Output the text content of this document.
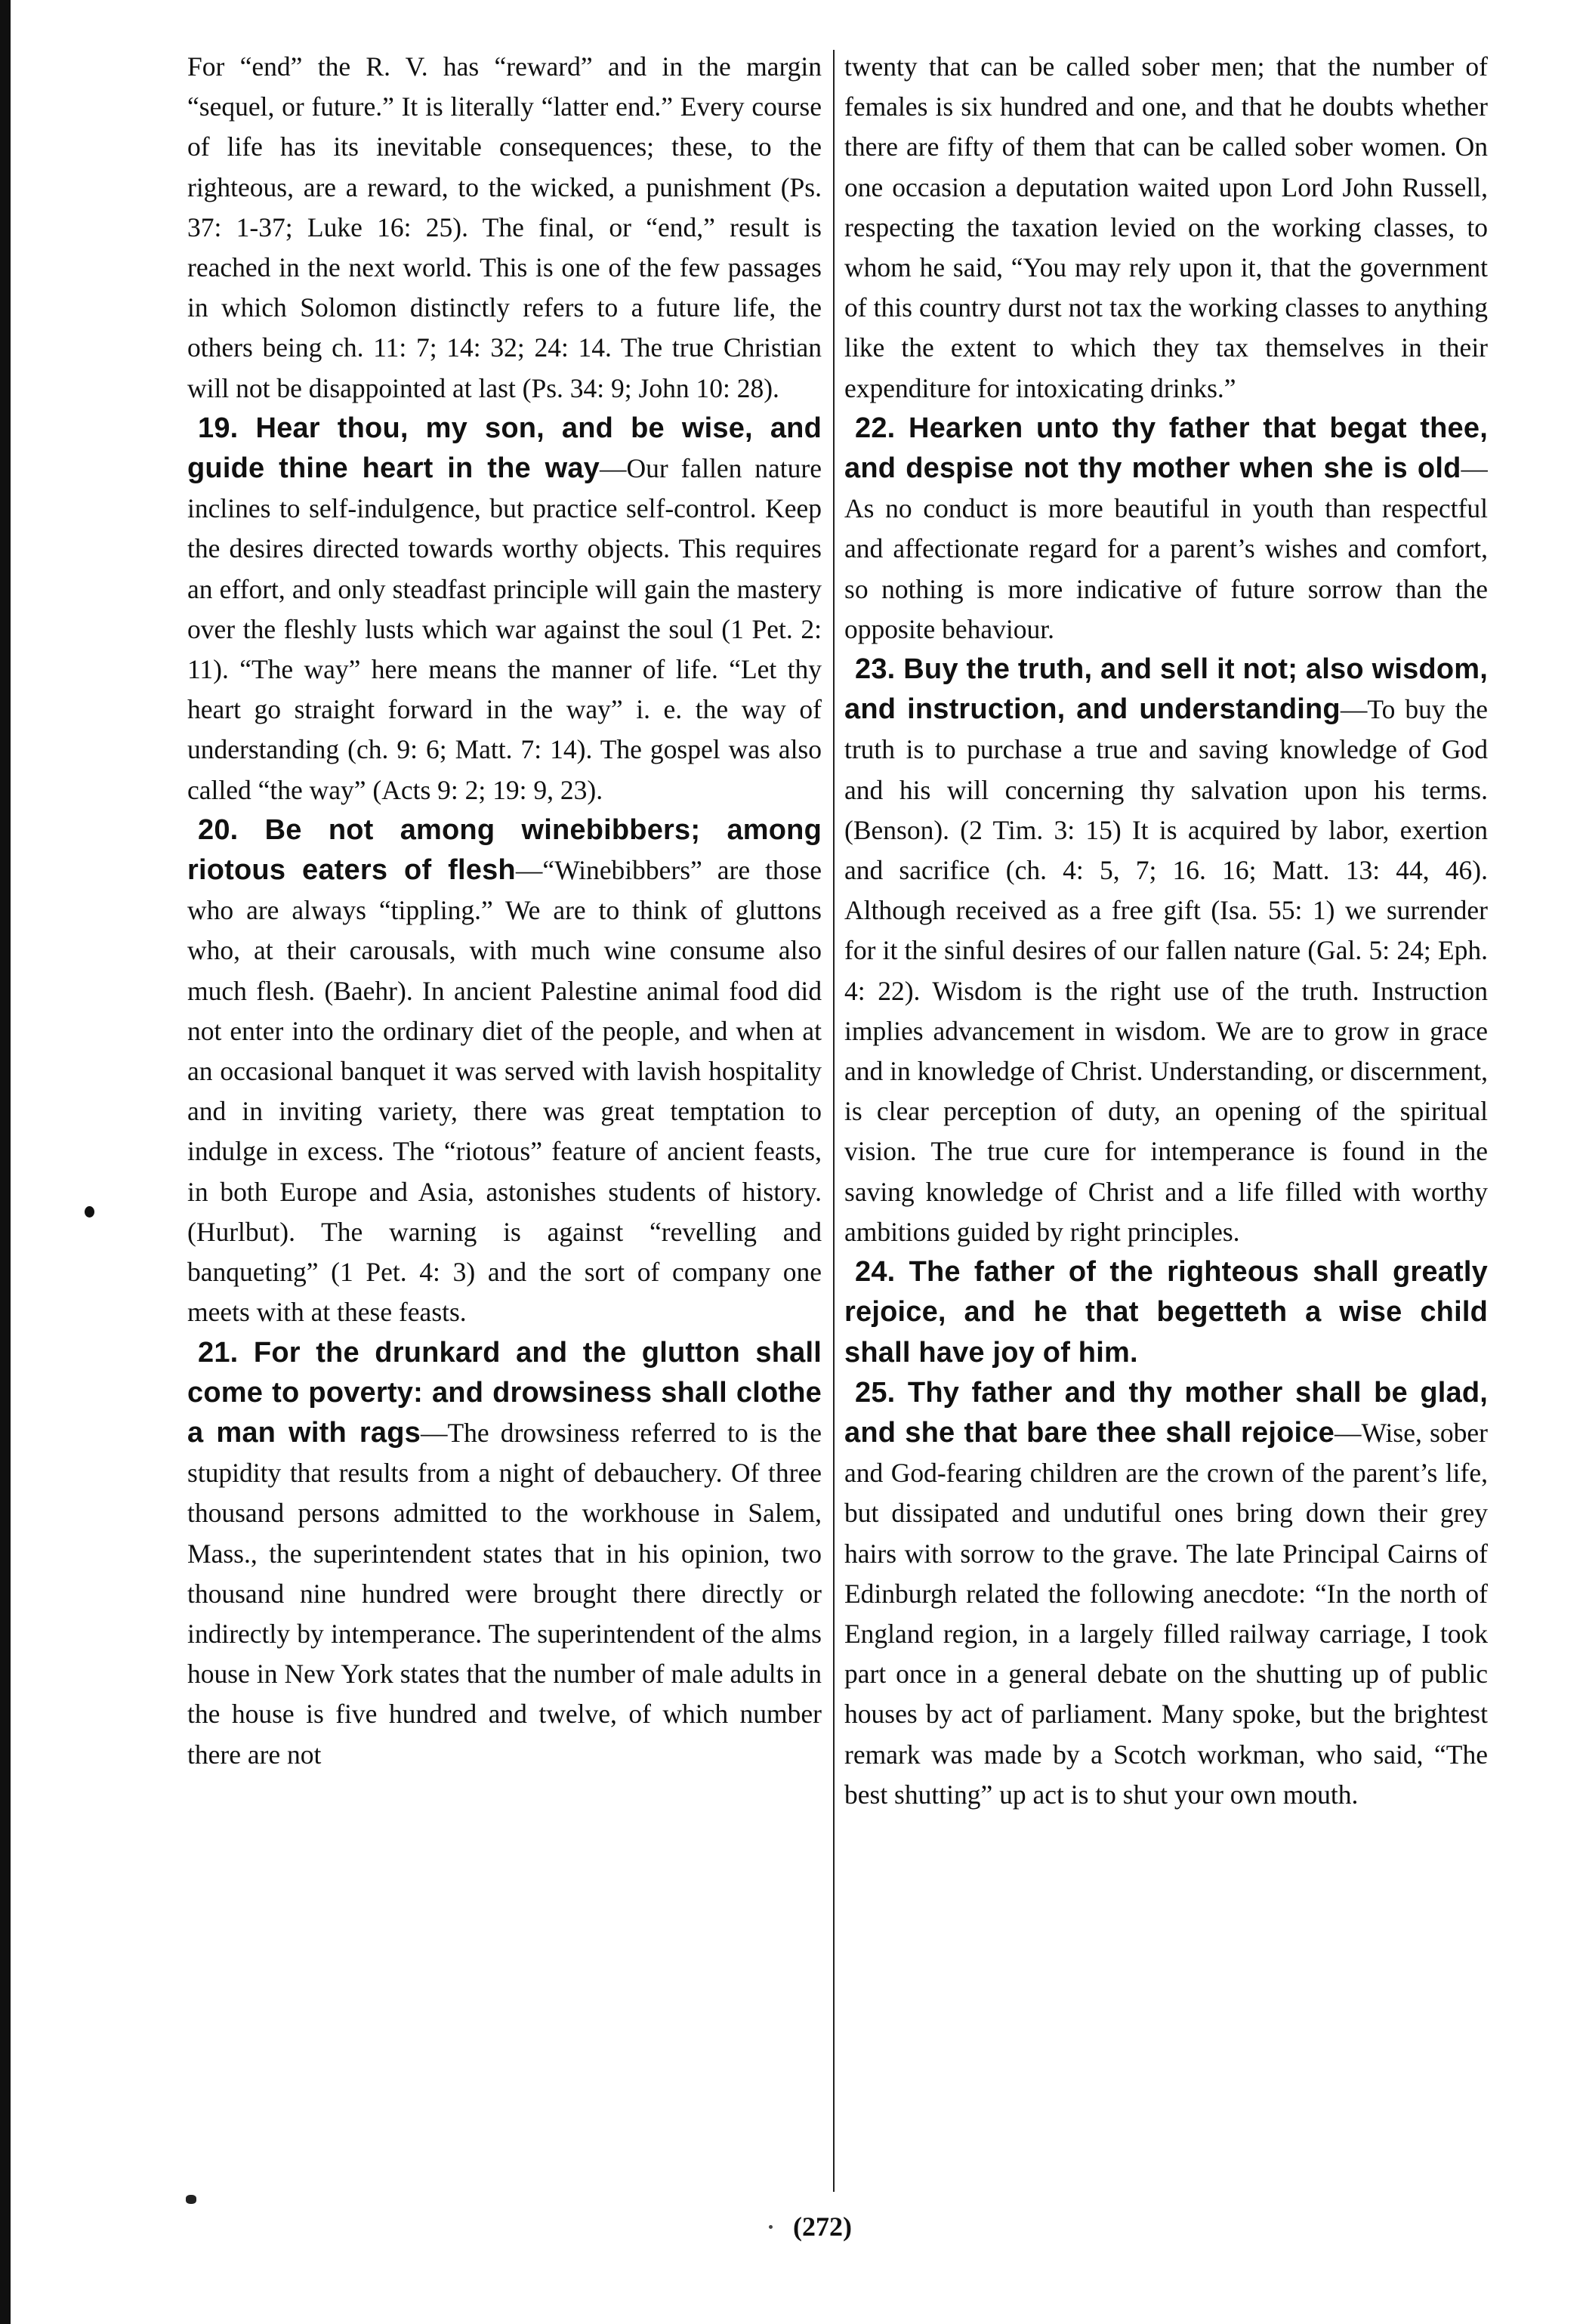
For “end” the R. V. has “reward” and in the margin “sequel, or future.” It is literally “latter end.” Every course of life has its inevitable consequences; these, to the righteous, are a reward, to the wicked, a punishment (Ps. 37: 1-37; Luke 16: 25). The final, or “end,” result is reached in the next world. This is one of the few passages in which Solomon distinctly refers to a future life, the others being ch. 11: 7; 14: 32; 24: 14. The true Christian will not be disappointed at last (Ps. 34: 9; John 10: 28).

19. Hear thou, my son, and be wise, and guide thine heart in the way—Our fallen nature inclines to self-indulgence, but practice self-control. Keep the desires directed towards worthy objects. This requires an effort, and only steadfast principle will gain the mastery over the fleshly lusts which war against the soul (1 Pet. 2: 11). “The way” here means the manner of life. “Let thy heart go straight forward in the way” i. e. the way of understanding (ch. 9: 6; Matt. 7: 14). The gospel was also called “the way” (Acts 9: 2; 19: 9, 23).

20. Be not among winebibbers; among riotous eaters of flesh—“Winebibbers” are those who are always “tippling.” We are to think of gluttons who, at their carousals, with much wine consume also much flesh. (Baehr). In ancient Palestine animal food did not enter into the ordinary diet of the people, and when at an occasional banquet it was served with lavish hospitality and in inviting variety, there was great temptation to indulge in excess. The “riotous” feature of ancient feasts, in both Europe and Asia, astonishes students of history. (Hurlbut). The warning is against “revelling and banqueting” (1 Pet. 4: 3) and the sort of company one meets with at these feasts.

21. For the drunkard and the glutton shall come to poverty: and drowsiness shall clothe a man with rags—The drowsiness referred to is the stupidity that results from a night of debauchery. Of three thousand persons admitted to the workhouse in Salem, Mass., the superintendent states that in his opinion, two thousand nine hundred were brought there directly or indirectly by intemperance. The superintendent of the alms house in New York states that the number of male adults in the house is five hundred and twelve, of which number there are not

twenty that can be called sober men; that the number of females is six hundred and one, and that he doubts whether there are fifty of them that can be called sober women. On one occasion a deputation waited upon Lord John Russell, respecting the taxation levied on the working classes, to whom he said, “You may rely upon it, that the government of this country durst not tax the working classes to anything like the extent to which they tax themselves in their expenditure for intoxicating drinks.”

22. Hearken unto thy father that begat thee, and despise not thy mother when she is old—As no conduct is more beautiful in youth than respectful and affectionate regard for a parent’s wishes and comfort, so nothing is more indicative of future sorrow than the opposite behaviour.

23. Buy the truth, and sell it not; also wisdom, and instruction, and understanding—To buy the truth is to purchase a true and saving knowledge of God and his will concerning thy salvation upon his terms. (Benson). (2 Tim. 3: 15) It is acquired by labor, exertion and sacrifice (ch. 4: 5, 7; 16. 16; Matt. 13: 44, 46). Although received as a free gift (Isa. 55: 1) we surrender for it the sinful desires of our fallen nature (Gal. 5: 24; Eph. 4: 22). Wisdom is the right use of the truth. Instruction implies advancement in wisdom. We are to grow in grace and in knowledge of Christ. Understanding, or discernment, is clear perception of duty, an opening of the spiritual vision. The true cure for intemperance is found in the saving knowledge of Christ and a life filled with worthy ambitions guided by right principles.

24. The father of the righteous shall greatly rejoice, and he that begetteth a wise child shall have joy of him.

25. Thy father and thy mother shall be glad, and she that bare thee shall rejoice—Wise, sober and God-fearing children are the crown of the parent’s life, but dissipated and undutiful ones bring down their grey hairs with sorrow to the grave. The late Principal Cairns of Edinburgh related the following anecdote: “In the north of England region, in a largely filled railway carriage, I took part once in a general debate on the shutting up of public houses by act of parliament. Many spoke, but the brightest remark was made by a Scotch workman, who said, “The best shutting” up act is to shut your own mouth.

(272)
